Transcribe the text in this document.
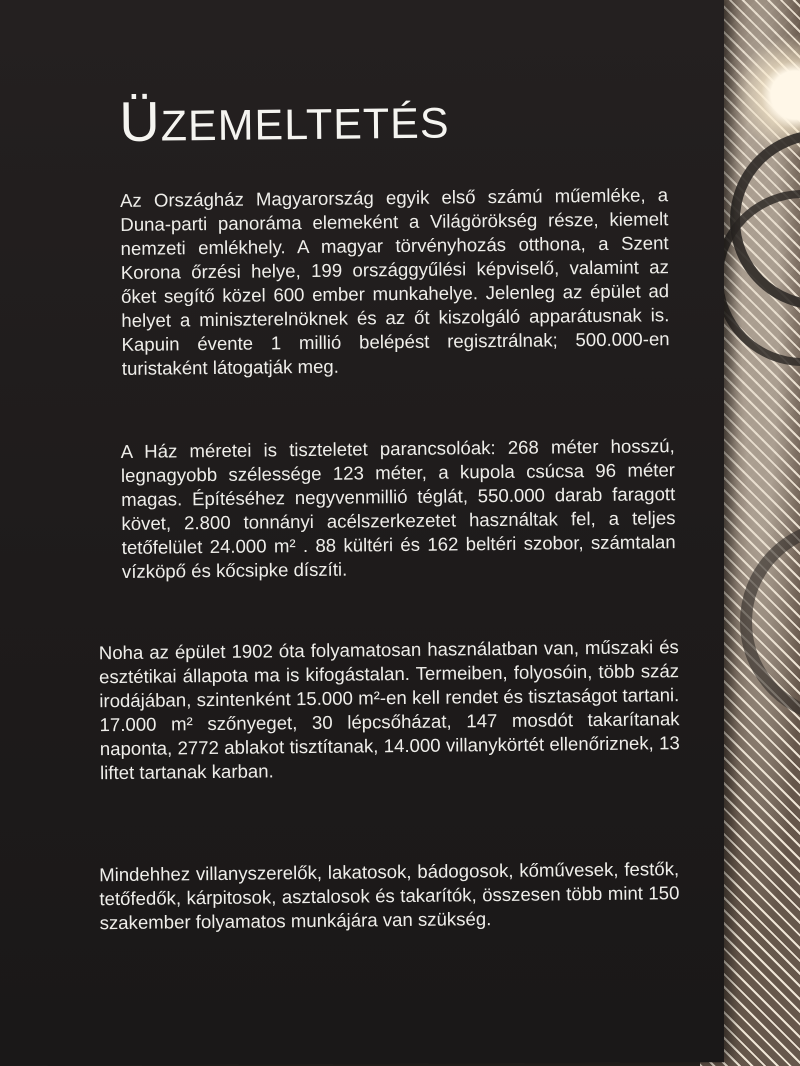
ÜZEMELTETÉS

Az Országház Magyarország egyik első számú műemléke, a Duna-parti panoráma elemeként a Világörökség része, kiemelt nemzeti emlékhely. A magyar törvényhozás otthona, a Szent Korona őrzési helye, 199 országgyűlési képviselő, valamint az őket segítő közel 600 ember munkahelye. Jelenleg az épület ad helyet a miniszterelnöknek és az őt kiszolgáló apparátusnak is. Kapuin évente 1 millió belépést regisztrálnak; 500.000-en turistaként látogatják meg.

A Ház méretei is tiszteletet parancsolóak: 268 méter hosszú, legnagyobb szélessége 123 méter, a kupola csúcsa 96 méter magas. Építéséhez negyvenmillió téglát, 550.000 darab faragott követ, 2.800 tonnányi acélszerkezetet használtak fel, a teljes tetőfelület 24.000 m² . 88 kültéri és 162 beltéri szobor, számtalan vízköpő és kőcsipke díszíti.

Noha az épület 1902 óta folyamatosan használatban van, műszaki és esztétikai állapota ma is kifogástalan. Termeiben, folyosóin, több száz irodájában, szintenként 15.000 m²-en kell rendet és tisztaságot tartani. 17.000 m² szőnyeget, 30 lépcsőházat, 147 mosdót takarítanak naponta, 2772 ablakot tisztítanak, 14.000 villanykörtét ellenőriznek, 13 liftet tartanak karban.

Mindehhez villanyszerelők, lakatosok, bádogosok, kőművesek, festők, tetőfedők, kárpitosok, asztalosok és takarítók, összesen több mint 150 szakember folyamatos munkájára van szükség.
